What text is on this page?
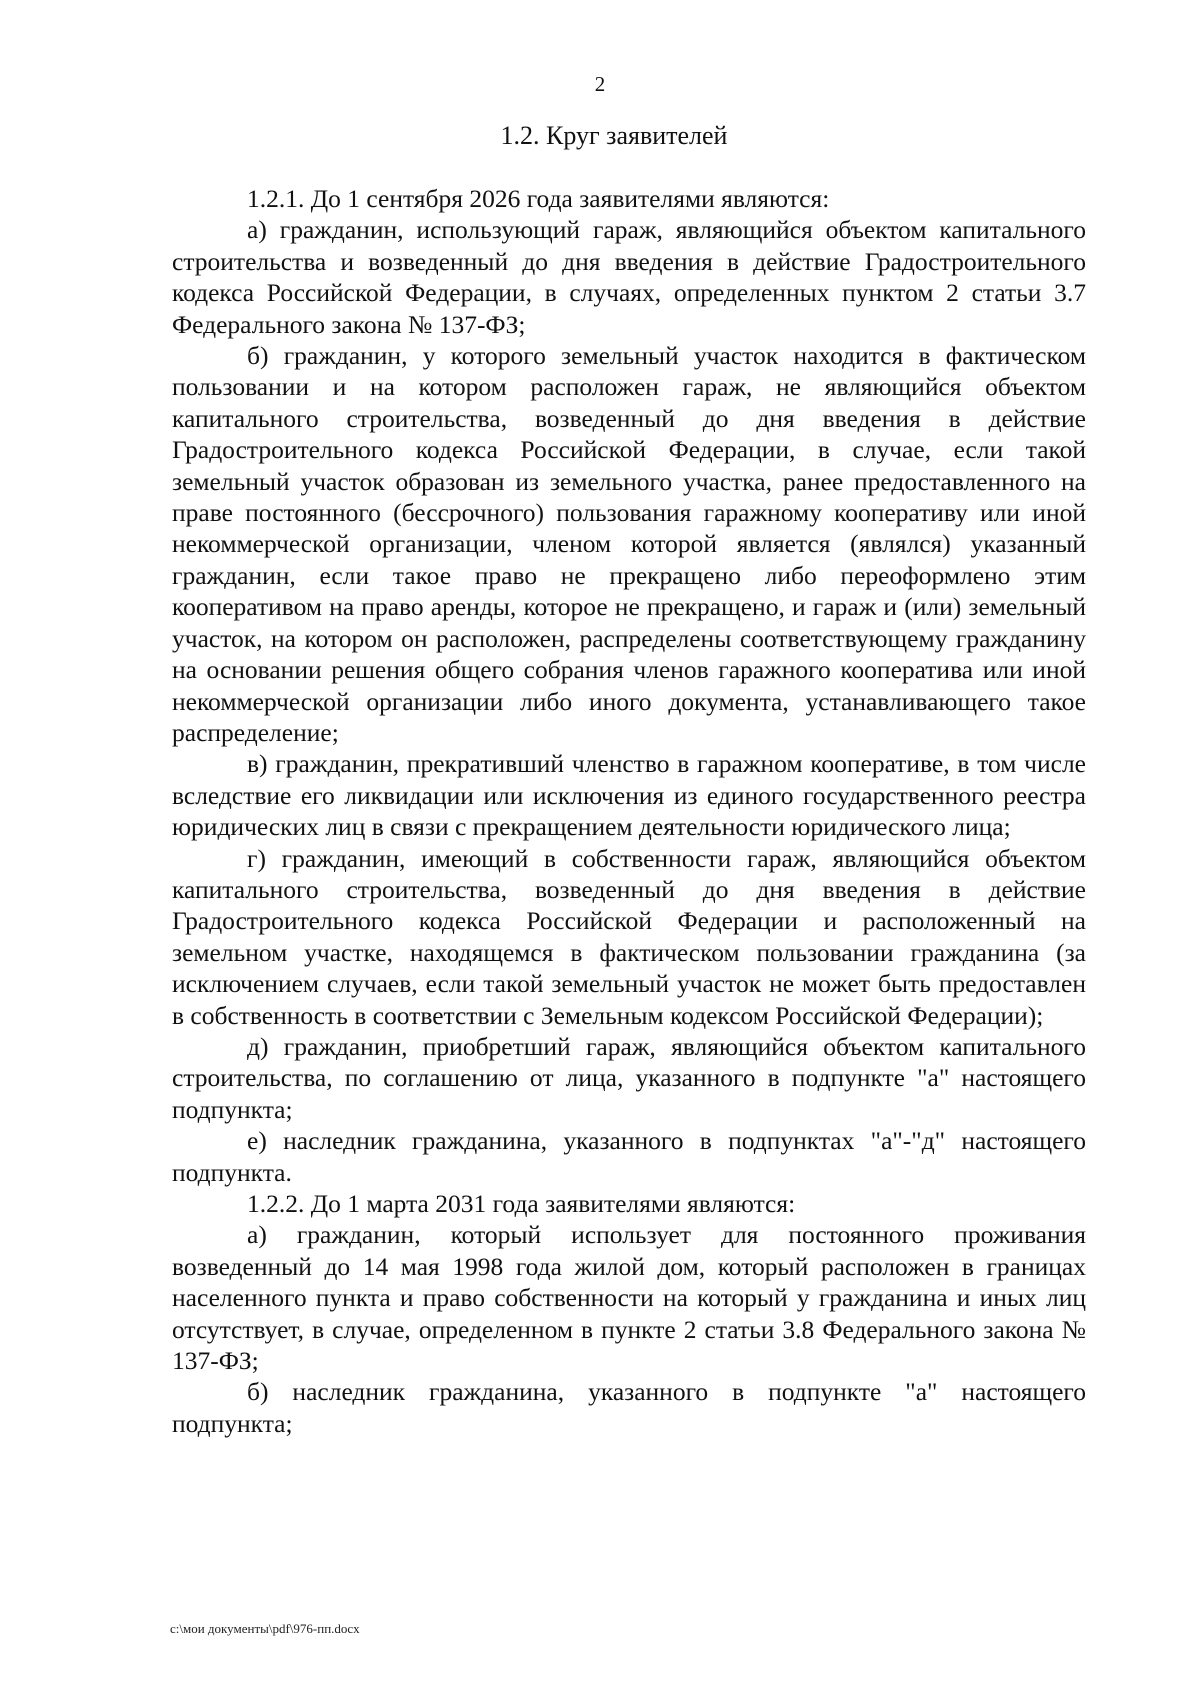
2
1.2. Круг заявителей

1.2.1. До 1 сентября 2026 года заявителями являются:

а) гражданин, использующий гараж, являющийся объектом капитального строительства и возведенный до дня введения в действие Градостроительного кодекса Российской Федерации, в случаях, определенных пунктом 2 статьи 3.7 Федерального закона № 137-ФЗ;

б) гражданин, у которого земельный участок находится в фактическом пользовании и на котором расположен гараж, не являющийся объектом капитального строительства, возведенный до дня введения в действие Градостроительного кодекса Российской Федерации, в случае, если такой земельный участок образован из земельного участка, ранее предоставленного на праве постоянного (бессрочного) пользования гаражному кооперативу или иной некоммерческой организации, членом которой является (являлся) указанный гражданин, если такое право не прекращено либо переоформлено этим кооперативом на право аренды, которое не прекращено, и гараж и (или) земельный участок, на котором он расположен, распределены соответствующему гражданину на основании решения общего собрания членов гаражного кооператива или иной некоммерческой организации либо иного документа, устанавливающего такое распределение;

в) гражданин, прекративший членство в гаражном кооперативе, в том числе вследствие его ликвидации или исключения из единого государственного реестра юридических лиц в связи с прекращением деятельности юридического лица;

г) гражданин, имеющий в собственности гараж, являющийся объектом капитального строительства, возведенный до дня введения в действие Градостроительного кодекса Российской Федерации и расположенный на земельном участке, находящемся в фактическом пользовании гражданина (за исключением случаев, если такой земельный участок не может быть предоставлен в собственность в соответствии с Земельным кодексом Российской Федерации);

д) гражданин, приобретший гараж, являющийся объектом капитального строительства, по соглашению от лица, указанного в подпункте "а" настоящего подпункта;

е) наследник гражданина, указанного в подпунктах "а"-"д" настоящего подпункта.

1.2.2. До 1 марта 2031 года заявителями являются:

а) гражданин, который использует для постоянного проживания возведенный до 14 мая 1998 года жилой дом, который расположен в границах населенного пункта и право собственности на который у гражданина и иных лиц отсутствует, в случае, определенном в пункте 2 статьи 3.8 Федерального закона № 137-ФЗ;

б) наследник гражданина, указанного в подпункте "а" настоящего подпункта;

c:\мои документы\pdf\976-пп.docx
